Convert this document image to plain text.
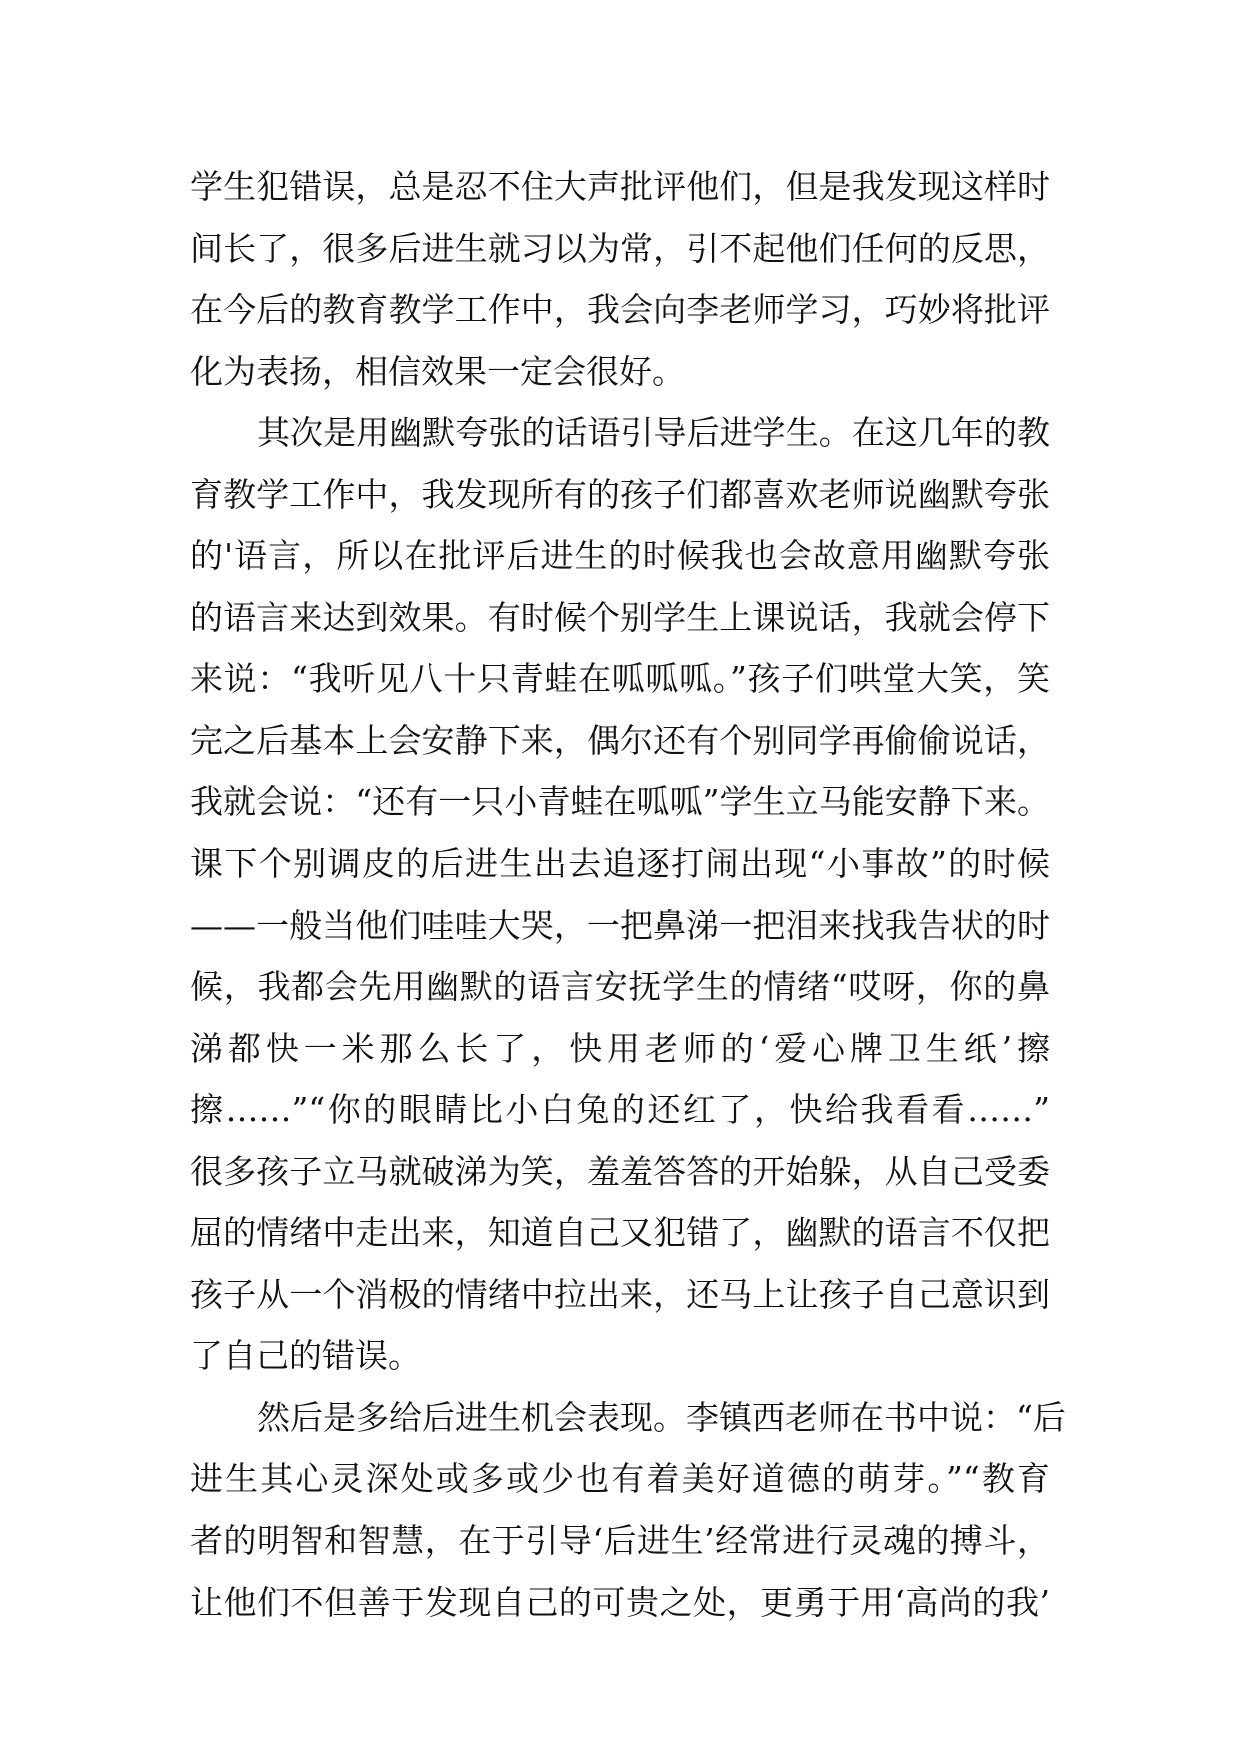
学生犯错误，总是忍不住大声批评他们，但是我发现这样时
间长了，很多后进生就习以为常，引不起他们任何的反思，
在今后的教育教学工作中，我会向李老师学习，巧妙将批评
化为表扬，相信效果一定会很好。
其次是用幽默夸张的话语引导后进学生。在这几年的教
育教学工作中，我发现所有的孩子们都喜欢老师说幽默夸张
的'语言，所以在批评后进生的时候我也会故意用幽默夸张
的语言来达到效果。有时候个别学生上课说话，我就会停下
来说：“我听见八十只青蛙在呱呱呱。”孩子们哄堂大笑，笑
完之后基本上会安静下来，偶尔还有个别同学再偷偷说话，
我就会说：“还有一只小青蛙在呱呱”学生立马能安静下来。
课下个别调皮的后进生出去追逐打闹出现“小事故”的时候
——一般当他们哇哇大哭，一把鼻涕一把泪来找我告状的时
候，我都会先用幽默的语言安抚学生的情绪“哎呀，你的鼻
涕都快一米那么长了，快用老师的‘爱心牌卫生纸’擦
擦……”“你的眼睛比小白兔的还红了，快给我看看……”
很多孩子立马就破涕为笑，羞羞答答的开始躲，从自己受委
屈的情绪中走出来，知道自己又犯错了，幽默的语言不仅把
孩子从一个消极的情绪中拉出来，还马上让孩子自己意识到
了自己的错误。
然后是多给后进生机会表现。李镇西老师在书中说：“后
进生其心灵深处或多或少也有着美好道德的萌芽。”“教育
者的明智和智慧，在于引导‘后进生’经常进行灵魂的搏斗，
让他们不但善于发现自己的可贵之处，更勇于用‘高尚的我’
